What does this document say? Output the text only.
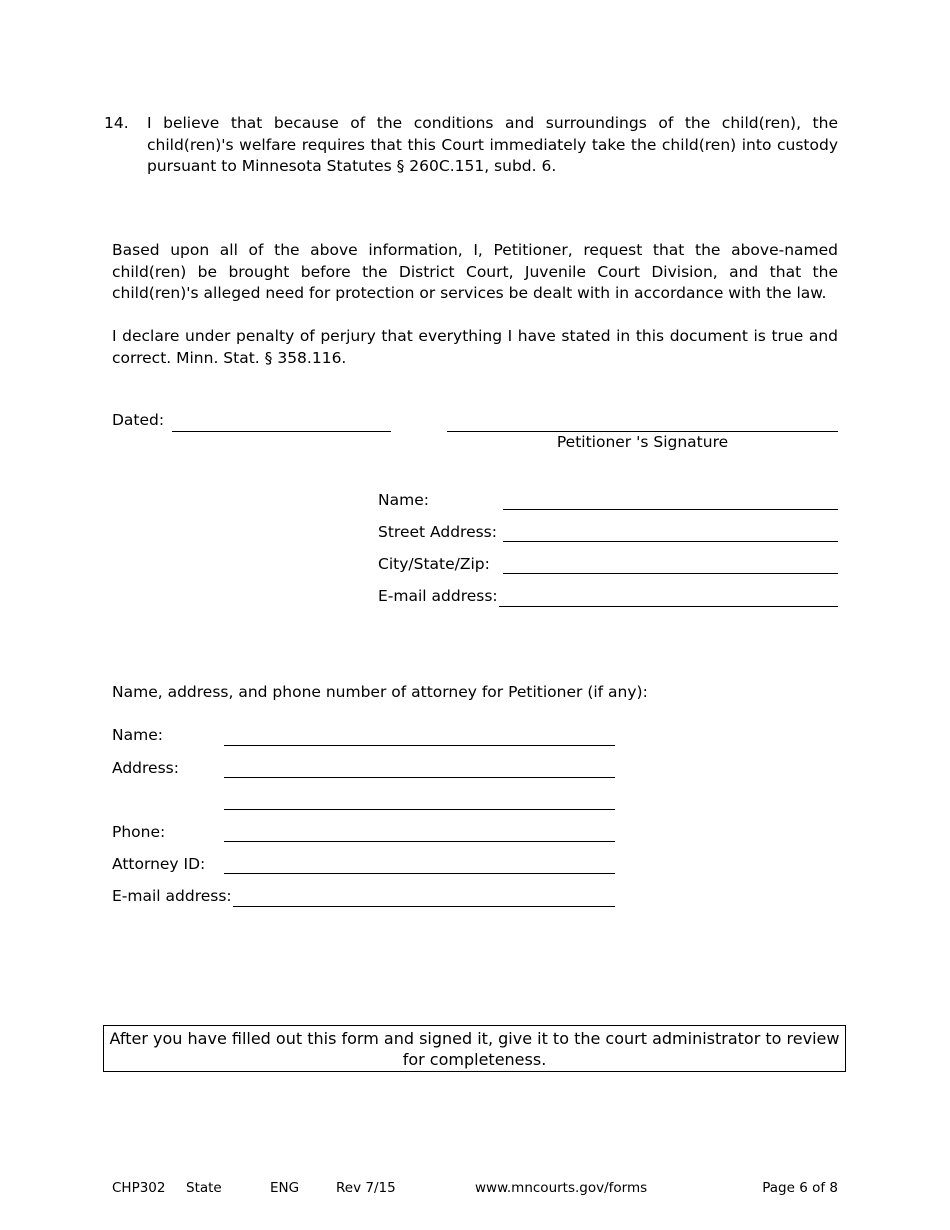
14. I believe that because of the conditions and surroundings of the child(ren), the child(ren)'s welfare requires that this Court immediately take the child(ren) into custody pursuant to Minnesota Statutes § 260C.151, subd. 6.
Based upon all of the above information, I, Petitioner, request that the above-named child(ren) be brought before the District Court, Juvenile Court Division, and that the child(ren)'s alleged need for protection or services be dealt with in accordance with the law.
I declare under penalty of perjury that everything I have stated in this document is true and correct. Minn. Stat. § 358.116.
Dated:
Petitioner 's Signature
Name:
Street Address:
City/State/Zip:
E-mail address:
Name, address, and phone number of attorney for Petitioner (if any):
Name:
Address:
Phone:
Attorney ID:
E-mail address:
After you have filled out this form and signed it, give it to the court administrator to review for completeness.
CHP302 State	ENG	Rev 7/15	www.mncourts.gov/forms	Page 6 of 8
